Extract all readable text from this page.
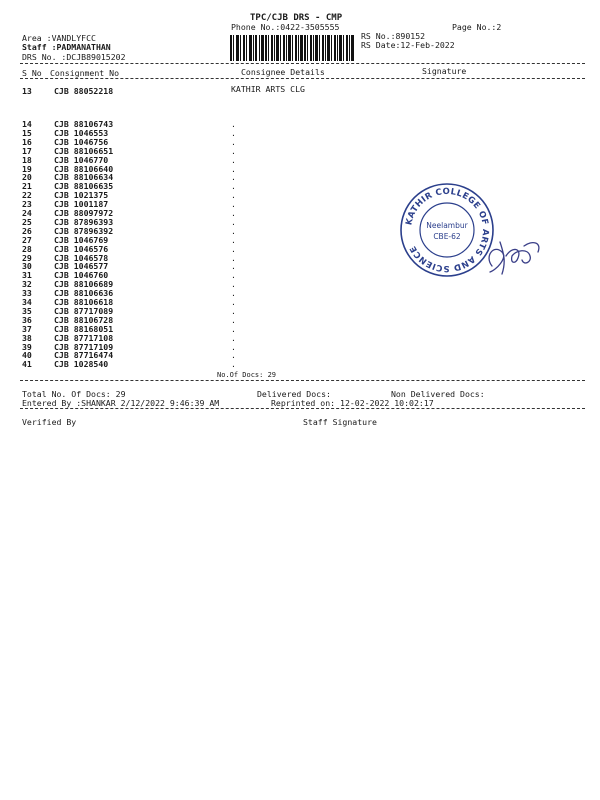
TPC/CJB DRS - CMP
Phone No.:0422-3505555	Page No.:2
Area :VANDLYFCC
Staff :PADMANATHAN
DRS No. :DCJB89015202
RS No.:890152
RS Date:12-Feb-2022
S No Consignment No	Consignee Details	Signature
13	CJB 88052218	KATHIR ARTS CLG
14	CJB 88106743	.
15	CJB 1046553	.
16	CJB 1046756	.
17	CJB 88106651	.
18	CJB 1046770	.
19	CJB 88106640	.
20	CJB 88106634	.
21	CJB 88106635	.
22	CJB 1021375	.
23	CJB 1001187	.
24	CJB 88097972	.
25	CJB 87896393	.
26	CJB 87896392	.
27	CJB 1046769	.
28	CJB 1046576	.
29	CJB 1046578	.
30	CJB 1046577	.
31	CJB 1046760	.
32	CJB 88106689	.
33	CJB 88106636	.
34	CJB 88106618	.
35	CJB 87717089	.
36	CJB 88106728	.
37	CJB 88168051	.
38	CJB 87717108	.
39	CJB 87717109	.
40	CJB 87716474	.
41	CJB 1028540	.
No.Of Docs: 29
Total No. Of Docs: 29	Delivered Docs:	Non Delivered Docs:
Entered By :SHANKAR 2/12/2022 9:46:39 AM	Reprinted on: 12-02-2022 10:02:17
Verified By	Staff Signature
KATHIR COLLEGE OF ARTS AND SCIENCE
Neelambur
CBE-62
